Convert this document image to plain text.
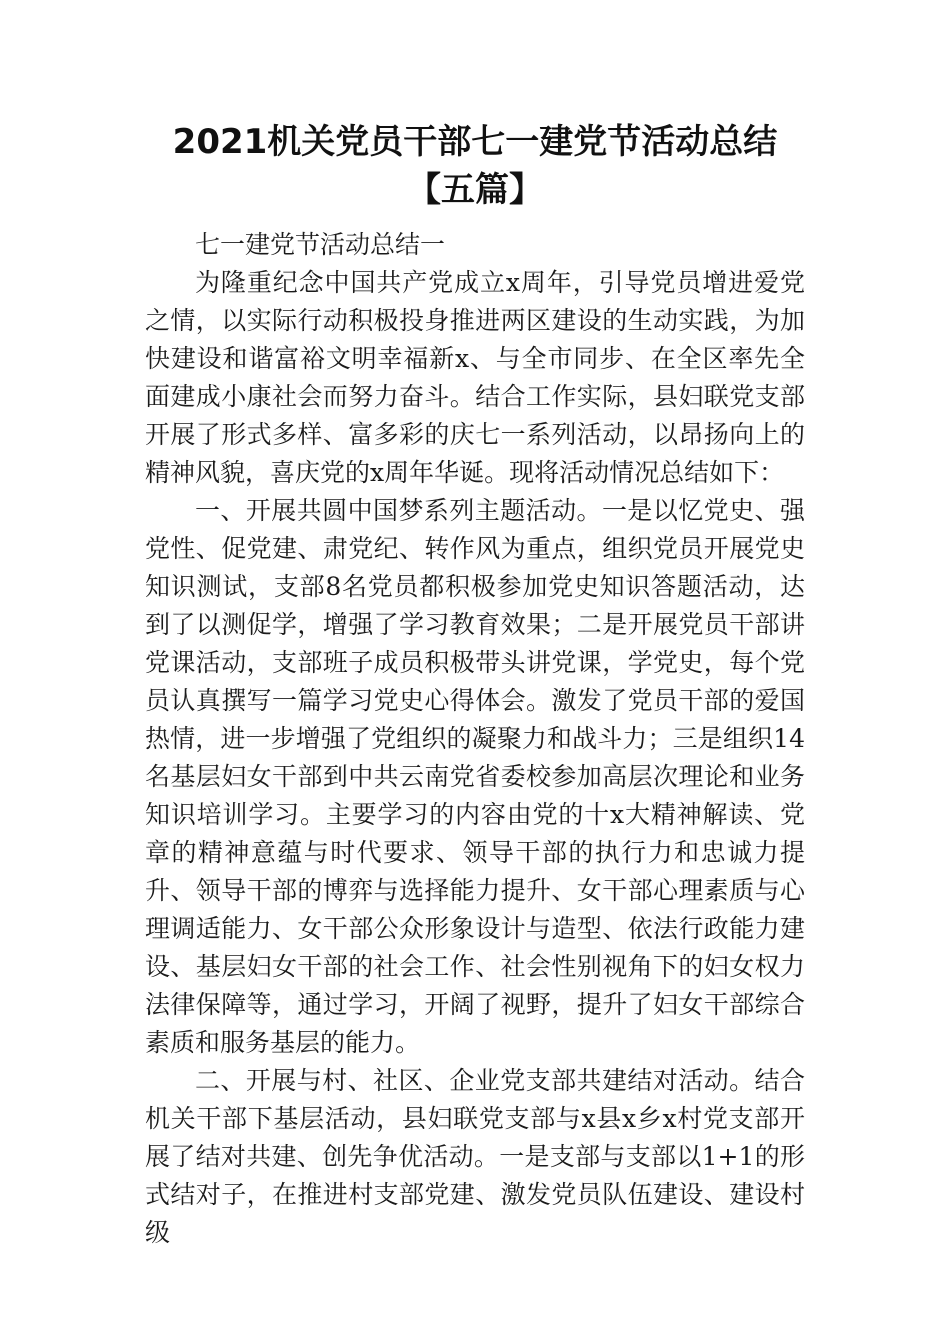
2021机关党员干部七一建党节活动总结【五篇】

七一建党节活动总结一

为隆重纪念中国共产党成立x周年，引导党员增进爱党之情，以实际行动积极投身推进两区建设的生动实践，为加快建设和谐富裕文明幸福新x、与全市同步、在全区率先全面建成小康社会而努力奋斗。结合工作实际，县妇联党支部开展了形式多样、富多彩的庆七一系列活动，以昂扬向上的精神风貌，喜庆党的x周年华诞。现将活动情况总结如下：

一、开展共圆中国梦系列主题活动。一是以忆党史、强党性、促党建、肃党纪、转作风为重点，组织党员开展党史知识测试，支部8名党员都积极参加党史知识答题活动，达到了以测促学，增强了学习教育效果；二是开展党员干部讲党课活动，支部班子成员积极带头讲党课，学党史，每个党员认真撰写一篇学习党史心得体会。激发了党员干部的爱国热情，进一步增强了党组织的凝聚力和战斗力；三是组织14名基层妇女干部到中共云南党省委校参加高层次理论和业务知识培训学习。主要学习的内容由党的十x大精神解读、党章的精神意蕴与时代要求、领导干部的执行力和忠诚力提升、领导干部的博弈与选择能力提升、女干部心理素质与心理调适能力、女干部公众形象设计与造型、依法行政能力建设、基层妇女干部的社会工作、社会性别视角下的妇女权力法律保障等，通过学习，开阔了视野，提升了妇女干部综合素质和服务基层的能力。

二、开展与村、社区、企业党支部共建结对活动。结合机关干部下基层活动，县妇联党支部与x县x乡x村党支部开展了结对共建、创先争优活动。一是支部与支部以1+1的形式结对子，在推进村支部党建、激发党员队伍建设、建设村级
